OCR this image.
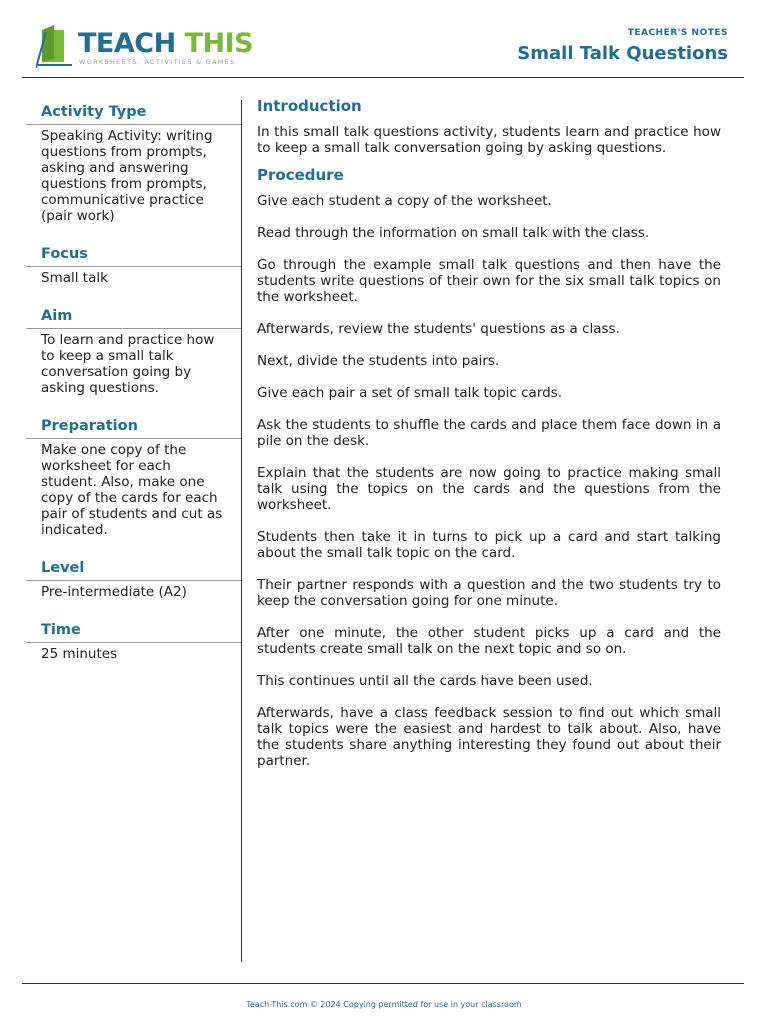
TEACH THIS
WORKSHEETS, ACTIVITIES & GAMES
TEACHER'S NOTES
Small Talk Questions
Activity Type
Speaking Activity: writing questions from prompts, asking and answering questions from prompts, communicative practice (pair work)
Focus
Small talk
Aim
To learn and practice how to keep a small talk conversation going by asking questions.
Preparation
Make one copy of the worksheet for each student. Also, make one copy of the cards for each pair of students and cut as indicated.
Level
Pre-intermediate (A2)
Time
25 minutes
Introduction

In this small talk questions activity, students learn and practice how to keep a small talk conversation going by asking questions.

Procedure

Give each student a copy of the worksheet.

Read through the information on small talk with the class.

Go through the example small talk questions and then have the students write questions of their own for the six small talk topics on the worksheet.

Afterwards, review the students' questions as a class.

Next, divide the students into pairs.

Give each pair a set of small talk topic cards.

Ask the students to shuffle the cards and place them face down in a pile on the desk.

Explain that the students are now going to practice making small talk using the topics on the cards and the questions from the worksheet.

Students then take it in turns to pick up a card and start talking about the small talk topic on the card.

Their partner responds with a question and the two students try to keep the conversation going for one minute.

After one minute, the other student picks up a card and the students create small talk on the next topic and so on.

This continues until all the cards have been used.

Afterwards, have a class feedback session to find out which small talk topics were the easiest and hardest to talk about. Also, have the students share anything interesting they found out about their partner.

Teach-This.com © 2024 Copying permitted for use in your classroom
